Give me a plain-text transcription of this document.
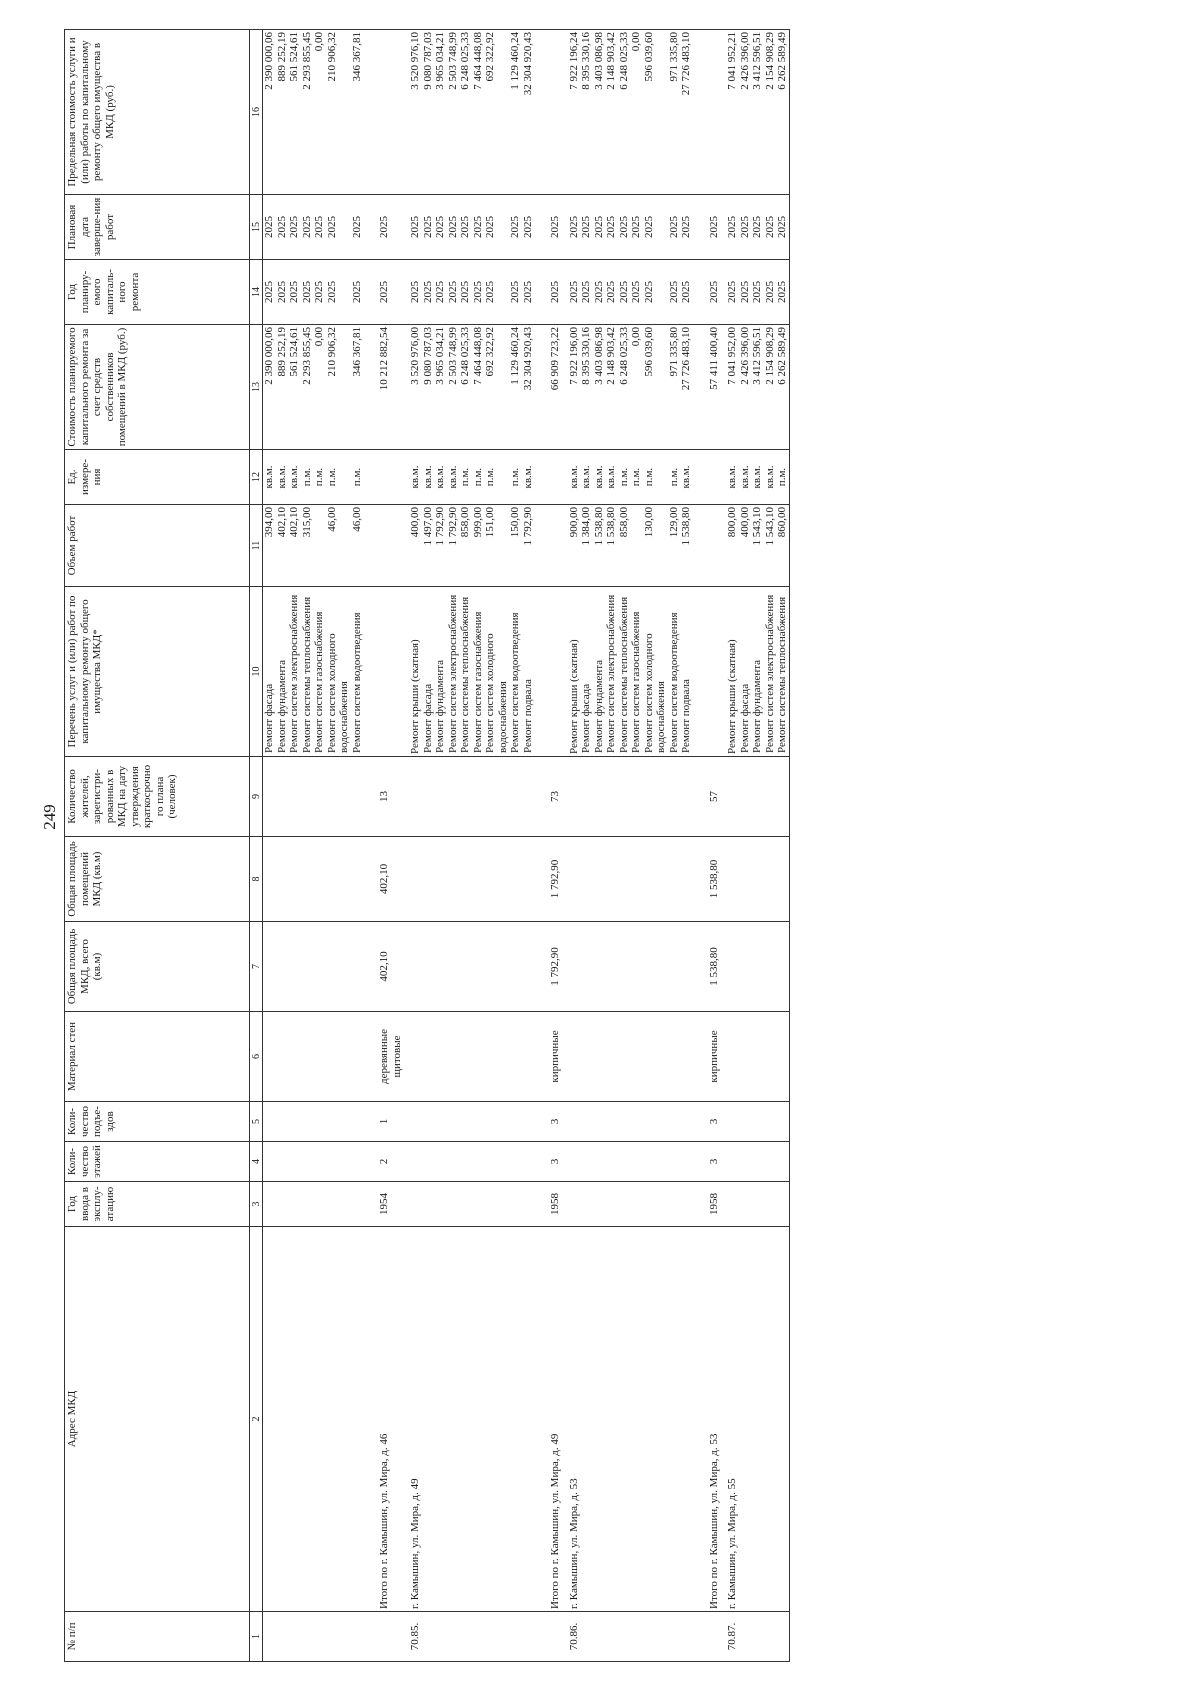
249
№ п/п	Адрес МКД	Год ввода в эксплу-атацию	Коли-чество этажей	Коли-чество подъе-здов	Материал стен	Общая площадь МКД, всего (кв.м)	Общая площадь помещений МКД (кв.м)	Количество жителей, зарегистри-рованных в МКД на дату утверждения краткосрочно го плана (человек)	Перечень услуг и (или) работ по капитальному ремонту общего имущества МКД*	Объем работ	Ед. измере-ния	Стоимость планируемого капитального ремонта за счет средств собственников помещений в МКД (руб.)	Год планиру-емого капиталь-ного ремонта	Плановая дата заверше-ния работ	Предельная стоимость услуги и (или) работы по капитальному ремонту общего имущества в МКД (руб.)
1	2	3	4	5	6	7	8	9	10	11	12	13	14	15	16
									Ремонт фасада	394,00	кв.м.	2 390 000,06	2025	2025	2 390 000,06
									Ремонт фундамента	402,10	кв.м.	889 252,19	2025	2025	889 252,19
									Ремонт систем электроснабжения	402,10	кв.м.	561 524,61	2025	2025	561 524,61
									Ремонт системы теплоснабжения	315,00	п.м.	2 293 855,45	2025	2025	2 293 855,45
									Ремонт систем газоснабжения		п.м.	0,00	2025	2025	0,00
									Ремонт систем холодного водоснабжения	46,00	п.м.	210 906,32	2025	2025	210 906,32
									Ремонт систем водоотведения	46,00	п.м.	346 367,81	2025	2025	346 367,81
	Итого по г. Камышин, ул. Мира, д. 46	1954	2	1	деревянные щитовые	402,10	402,10	13				10 212 882,54	2025	2025	
70.85.	г. Камышин, ул. Мира, д. 49								Ремонт крыши (скатная)	400,00	кв.м.	3 520 976,00	2025	2025	3 520 976,10
									Ремонт фасада	1 497,00	кв.м.	9 080 787,03	2025	2025	9 080 787,03
									Ремонт фундамента	1 792,90	кв.м.	3 965 034,21	2025	2025	3 965 034,21
									Ремонт систем электроснабжения	1 792,90	кв.м.	2 503 748,99	2025	2025	2 503 748,99
									Ремонт системы теплоснабжения	858,00	п.м.	6 248 025,33	2025	2025	6 248 025,33
									Ремонт систем газоснабжения	999,00	п.м.	7 464 448,08	2025	2025	7 464 448,08
									Ремонт систем холодного водоснабжения	151,00	п.м.	692 322,92	2025	2025	692 322,92
									Ремонт систем водоотведения	150,00	п.м.	1 129 460,24	2025	2025	1 129 460,24
									Ремонт подвала	1 792,90	кв.м.	32 304 920,43	2025	2025	32 304 920,43
	Итого по г. Камышин, ул. Мира, д. 49	1958	3	3	кирпичные	1 792,90	1 792,90	73				66 909 723,22	2025	2025	
70.86.	г. Камышин, ул. Мира, д. 53								Ремонт крыши (скатная)	900,00	кв.м.	7 922 196,00	2025	2025	7 922 196,24
									Ремонт фасада	1 384,00	кв.м.	8 395 330,16	2025	2025	8 395 330,16
									Ремонт фундамента	1 538,80	кв.м.	3 403 086,98	2025	2025	3 403 086,98
									Ремонт систем электроснабжения	1 538,80	кв.м.	2 148 903,42	2025	2025	2 148 903,42
									Ремонт системы теплоснабжения	858,00	п.м.	6 248 025,33	2025	2025	6 248 025,33
									Ремонт систем газоснабжения		п.м.	0,00	2025	2025	0,00
									Ремонт систем холодного водоснабжения	130,00	п.м.	596 039,60	2025	2025	596 039,60
									Ремонт систем водоотведения	129,00	п.м.	971 335,80	2025	2025	971 335,80
									Ремонт подвала	1 538,80	кв.м.	27 726 483,10	2025	2025	27 726 483,10
	Итого по г. Камышин, ул. Мира, д. 53	1958	3	3	кирпичные	1 538,80	1 538,80	57				57 411 400,40	2025	2025	
70.87.	г. Камышин, ул. Мира, д. 55								Ремонт крыши (скатная)	800,00	кв.м.	7 041 952,00	2025	2025	7 041 952,21
									Ремонт фасада	400,00	кв.м.	2 426 396,00	2025	2025	2 426 396,00
									Ремонт фундамента	1 543,10	кв.м.	3 412 596,51	2025	2025	3 412 596,51
									Ремонт систем электроснабжения	1 543,10	кв.м.	2 154 908,29	2025	2025	2 154 908,29
									Ремонт системы теплоснабжения	860,00	п.м.	6 262 589,49	2025	2025	6 262 589,49
